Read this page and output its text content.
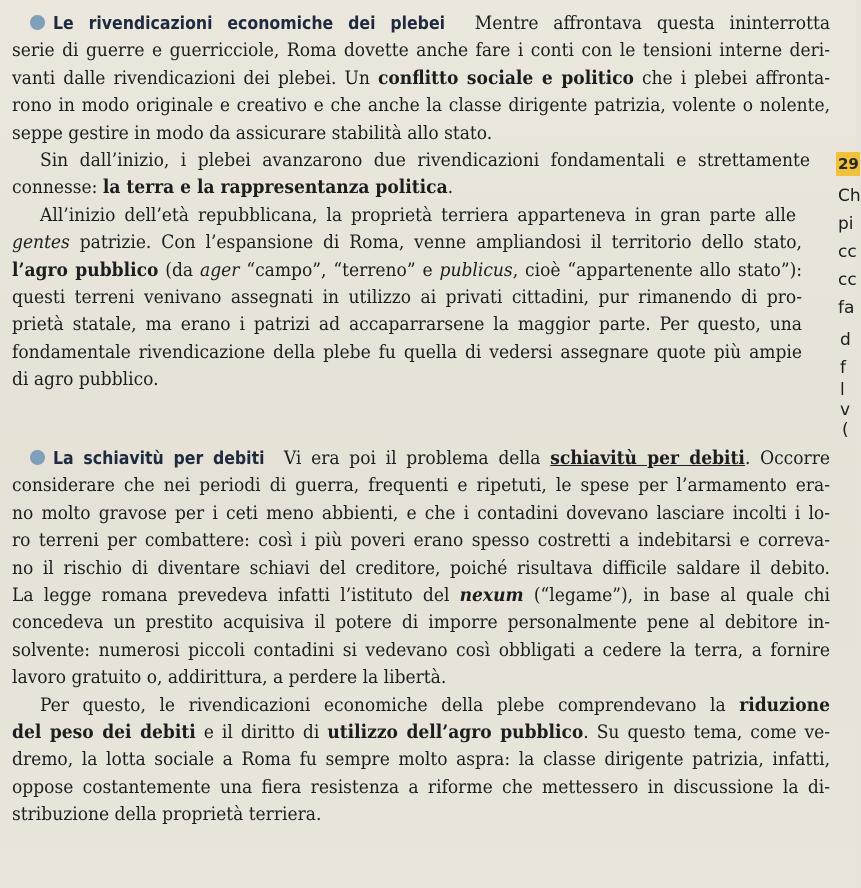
Le rivendicazioni economiche dei plebei Mentre affrontava questa ininterrotta
serie di guerre e guerricciole, Roma dovette anche fare i conti con le tensioni interne deri-
vanti dalle rivendicazioni dei plebei. Un conflitto sociale e politico che i plebei affronta-
rono in modo originale e creativo e che anche la classe dirigente patrizia, volente o nolente,
seppe gestire in modo da assicurare stabilità allo stato.
Sin dall’inizio, i plebei avanzarono due rivendicazioni fondamentali e strettamente
connesse: la terra e la rappresentanza politica.
All’inizio dell’età repubblicana, la proprietà terriera apparteneva in gran parte alle
gentes patrizie. Con l’espansione di Roma, venne ampliandosi il territorio dello stato,
l’agro pubblico (da ager “campo”, “terreno” e publicus, cioè “appartenente allo stato”):
questi terreni venivano assegnati in utilizzo ai privati cittadini, pur rimanendo di pro-
prietà statale, ma erano i patrizi ad accaparrarsene la maggior parte. Per questo, una
fondamentale rivendicazione della plebe fu quella di vedersi assegnare quote più ampie
di agro pubblico.
La schiavitù per debiti  Vi era poi il problema della schiavitù per debiti. Occorre
considerare che nei periodi di guerra, frequenti e ripetuti, le spese per l’armamento era-
no molto gravose per i ceti meno abbienti, e che i contadini dovevano lasciare incolti i lo-
ro terreni per combattere: così i più poveri erano spesso costretti a indebitarsi e correva-
no il rischio di diventare schiavi del creditore, poiché risultava difficile saldare il debito.
La legge romana prevedeva infatti l’istituto del nexum (“legame”), in base al quale chi
concedeva un prestito acquisiva il potere di imporre personalmente pene al debitore in-
solvente: numerosi piccoli contadini si vedevano così obbligati a cedere la terra, a fornire
lavoro gratuito o, addirittura, a perdere la libertà.
Per questo, le rivendicazioni economiche della plebe comprendevano la riduzione
del peso dei debiti e il diritto di utilizzo dell’agro pubblico. Su questo tema, come ve-
dremo, la lotta sociale a Roma fu sempre molto aspra: la classe dirigente patrizia, infatti,
oppose costantemente una fiera resistenza a riforme che mettessero in discussione la di-
stribuzione della proprietà terriera.
29
Ch
pi
cc
cc
fa
d
f
l
v
(
